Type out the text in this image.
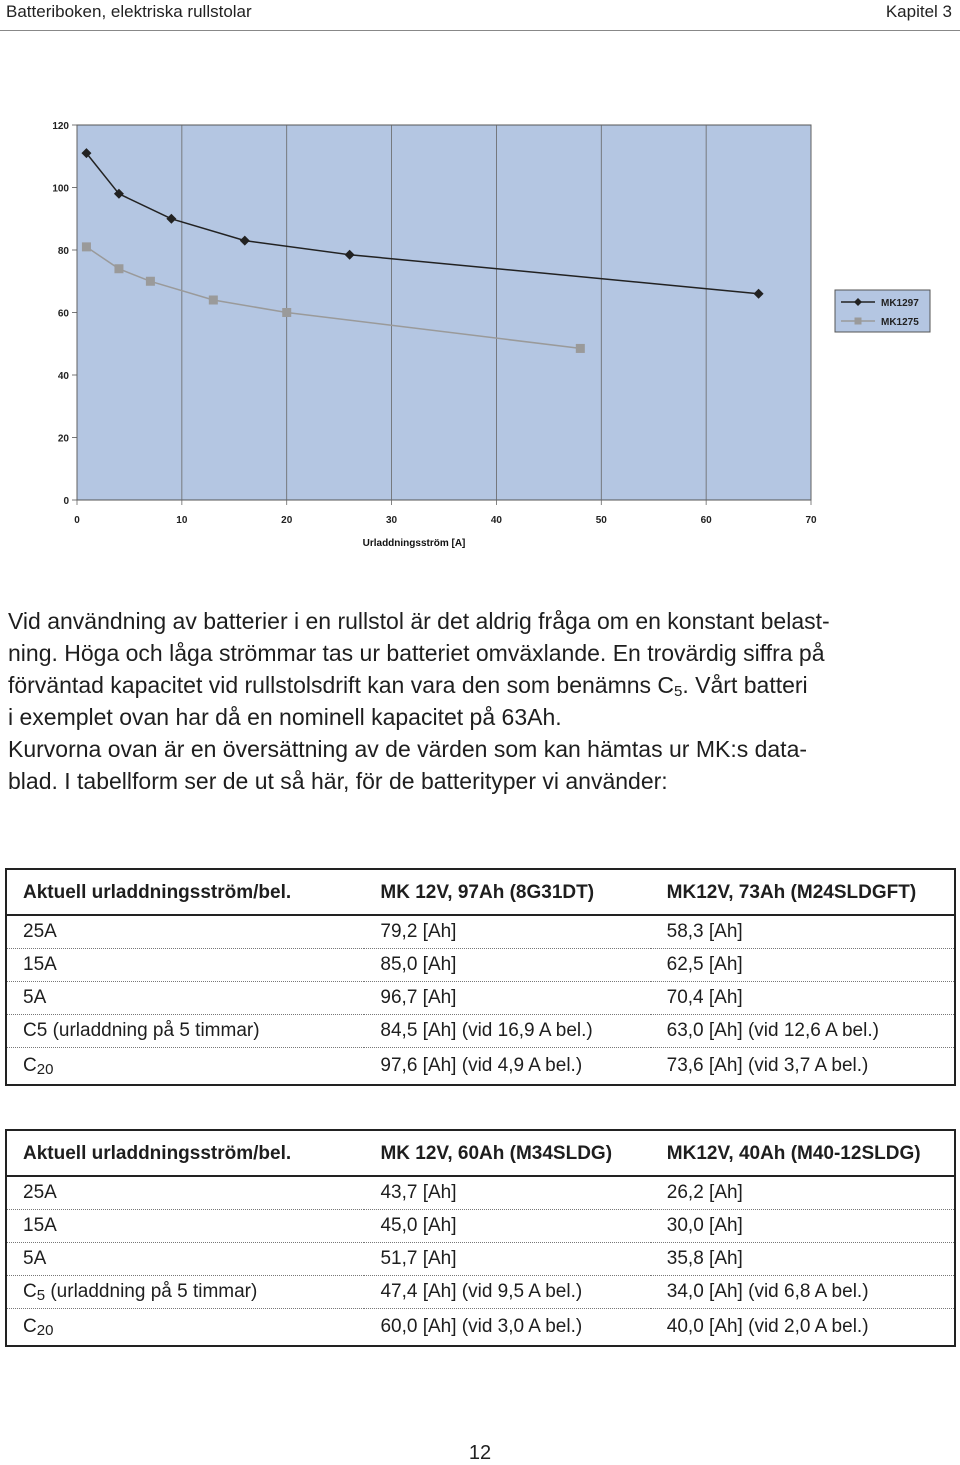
Batteriboken, elektriska rullstolar	Kapitel 3
0	10	20	30	40	50	60	70
0
20
40
60
80
100
120
Urladdningsström [A]
MK1297
MK1275

Vid användning av batterier i en rullstol är det aldrig fråga om en konstant belast-
ning. Höga och låga strömmar tas ur batteriet omväxlande. En trovärdig siffra på
förväntad kapacitet vid rullstolsdrift kan vara den som benämns $C_5$. Vårt batteri
i exemplet ovan har då en nominell kapacitet på 63Ah.

Kurvorna ovan är en översättning av de värden som kan hämtas ur MK:s data-
blad. I tabellform ser de ut så här, för de batterityper vi använder:

Aktuell urladdningsström/bel.	MK 12V, 97Ah (8G31DT)	MK12V, 73Ah (M24SLDGFT)
25A	79,2 [Ah]	58,3 [Ah]
15A	85,0 [Ah]	62,5 [Ah]
5A	96,7 [Ah]	70,4 [Ah]
C5 (urladdning på 5 timmar)	84,5 [Ah] (vid 16,9 A bel.)	63,0 [Ah] (vid 12,6 A bel.)
$C_{20}$	97,6 [Ah] (vid 4,9 A bel.)	73,6 [Ah] (vid 3,7 A bel.)
Aktuell urladdningsström/bel.	MK 12V, 60Ah (M34SLDG)	MK12V, 40Ah (M40-12SLDG)
25A	43,7 [Ah]	26,2 [Ah]
15A	45,0 [Ah]	30,0 [Ah]
5A	51,7 [Ah]	35,8 [Ah]
$C_5$ (urladdning på 5 timmar)	47,4 [Ah] (vid 9,5 A bel.)	34,0 [Ah] (vid 6,8 A bel.)
$C_{20}$	60,0 [Ah] (vid 3,0 A bel.)	40,0 [Ah] (vid 2,0 A bel.)
12
